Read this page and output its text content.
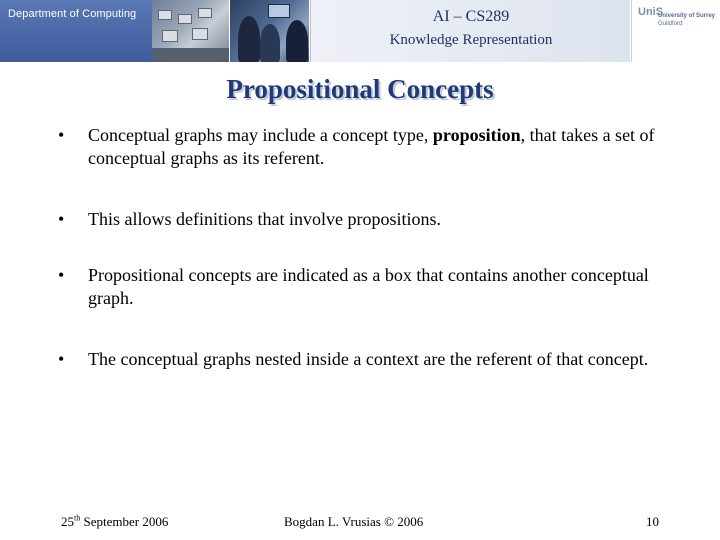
Department of Computing	AI – CS289
Knowledge Representation
UniS
University of Surrey
Guildford
Propositional Concepts
• Conceptual graphs may include a concept type, proposition, that takes a set of conceptual graphs as its referent.
• This allows definitions that involve propositions.
• Propositional concepts are indicated as a box that contains another conceptual graph.
• The conceptual graphs nested inside a context are the referent of that concept.
25th September 2006	Bogdan L. Vrusias © 2006	10
